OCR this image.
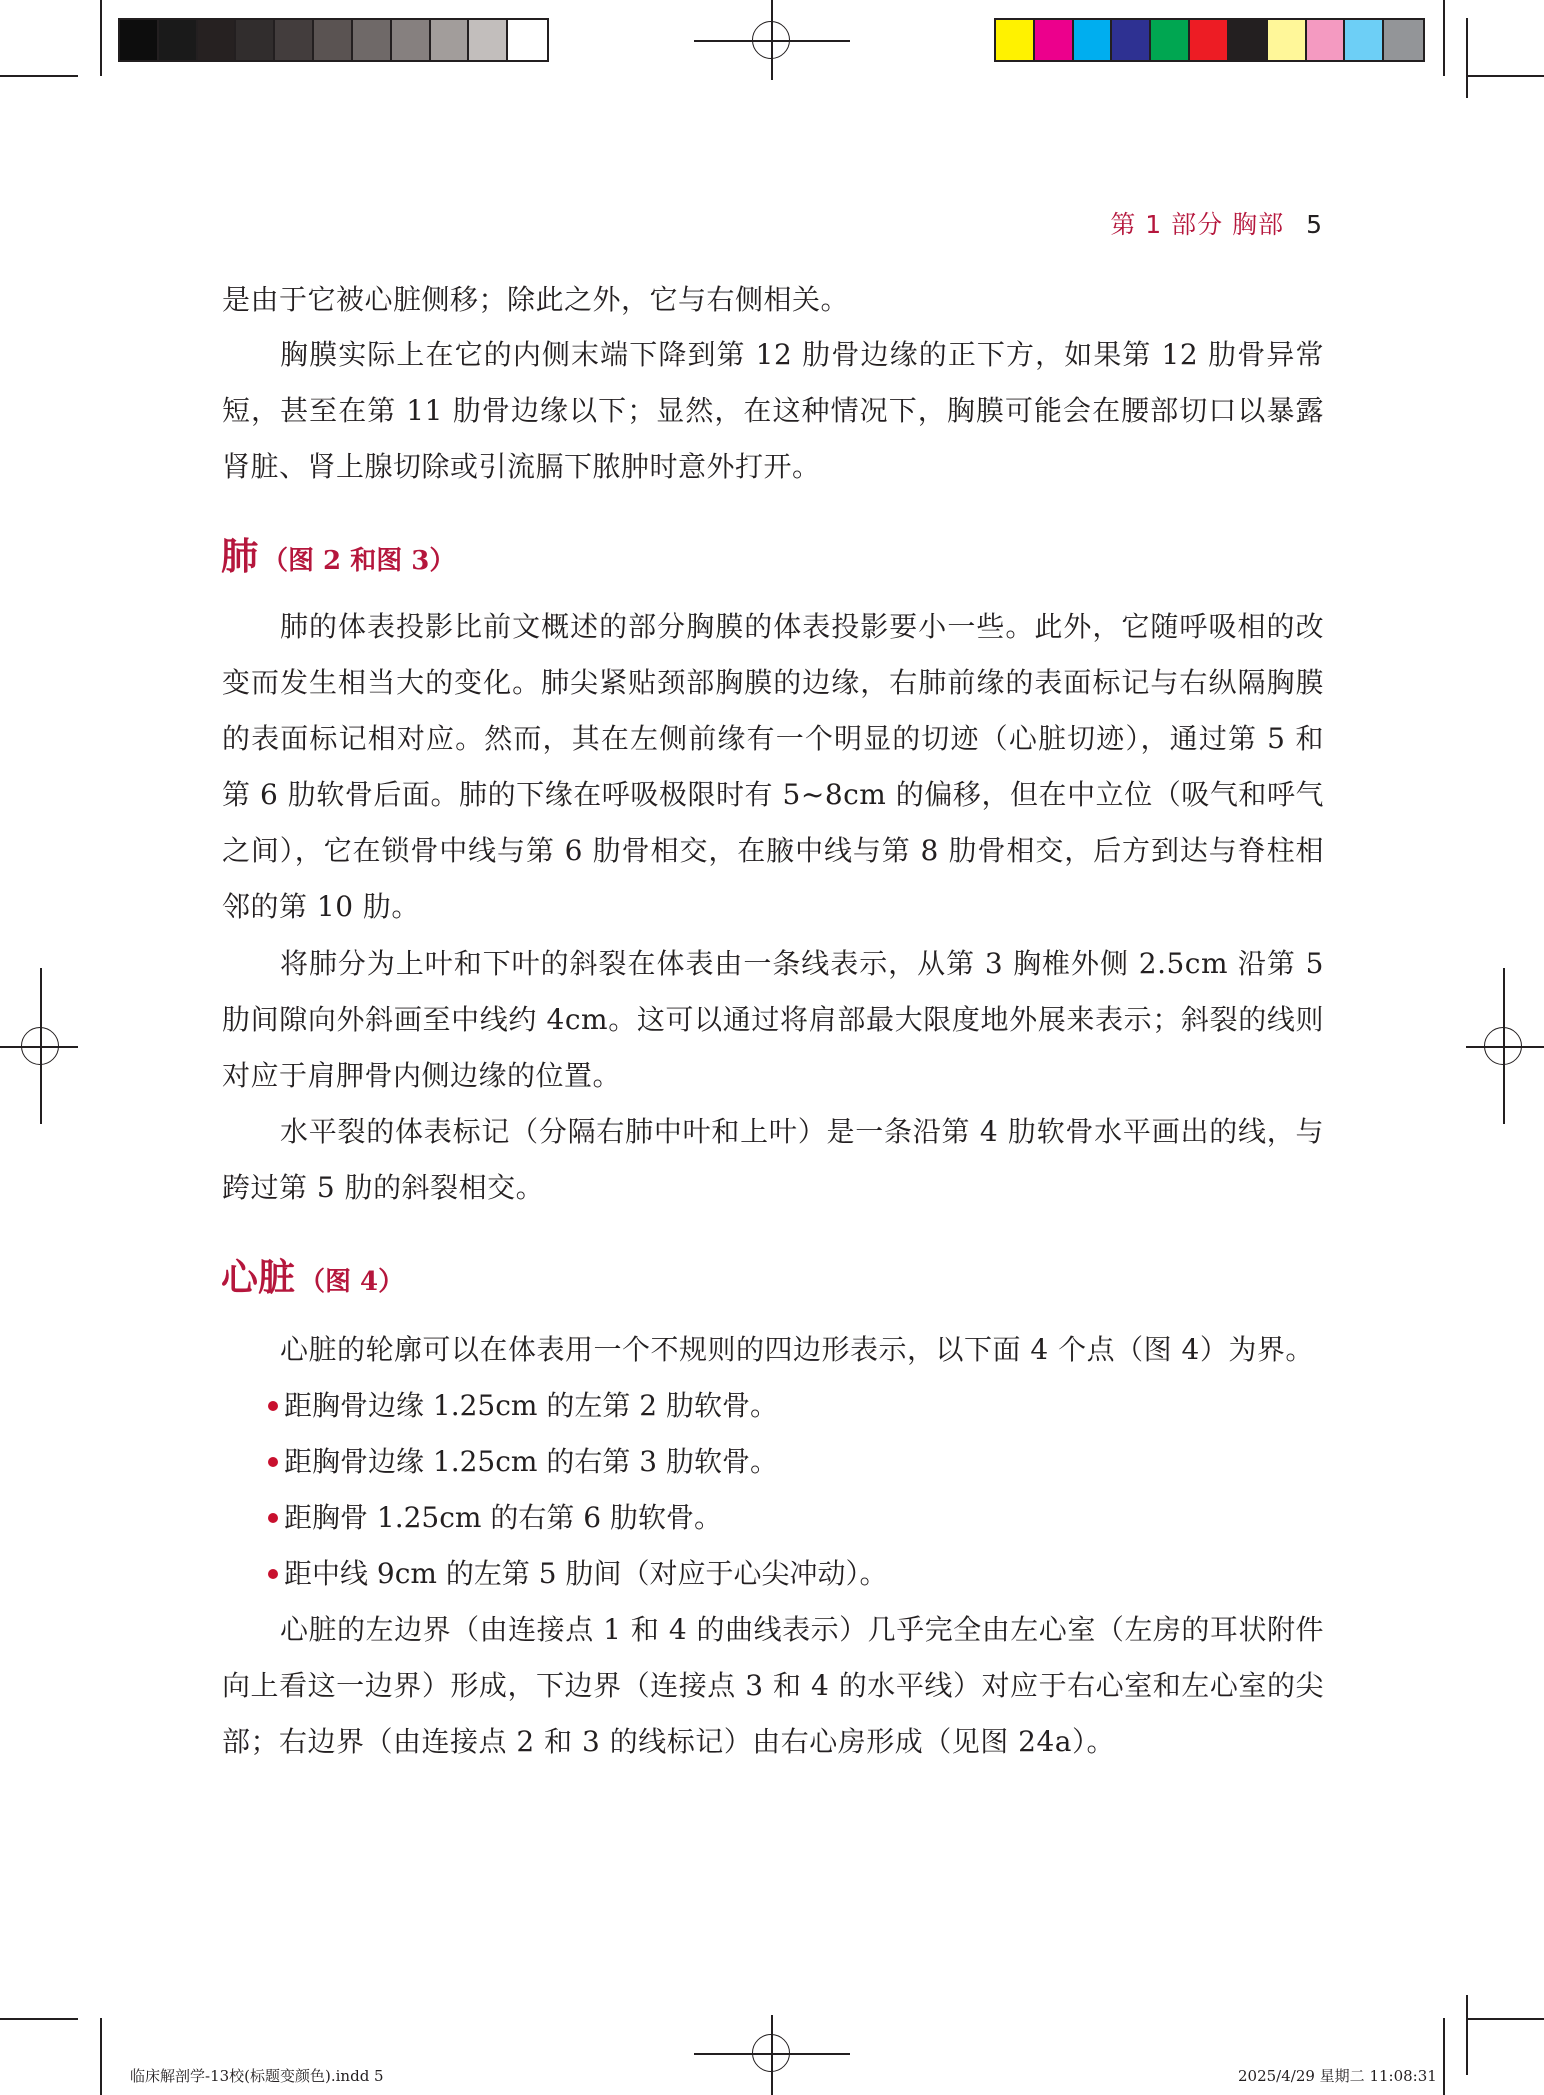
第 1 部分 胸部 5

是由于它被心脏侧移；除此之外，它与右侧相关。

胸膜实际上在它的内侧末端下降到第 12 肋骨边缘的正下方，如果第 12 肋骨异常短，甚至在第 11 肋骨边缘以下；显然，在这种情况下，胸膜可能会在腰部切口以暴露肾脏、肾上腺切除或引流膈下脓肿时意外打开。

肺 （图 2 和图 3）

肺的体表投影比前文概述的部分胸膜的体表投影要小一些。此外，它随呼吸相的改变而发生相当大的变化。肺尖紧贴颈部胸膜的边缘，右肺前缘的表面标记与右纵隔胸膜的表面标记相对应。然而，其在左侧前缘有一个明显的切迹（心脏切迹），通过第 5 和第 6 肋软骨后面。肺的下缘在呼吸极限时有 5~8cm 的偏移，但在中立位（吸气和呼气之间），它在锁骨中线与第 6 肋骨相交，在腋中线与第 8 肋骨相交，后方到达与脊柱相邻的第 10 肋。

将肺分为上叶和下叶的斜裂在体表由一条线表示，从第 3 胸椎外侧 2.5cm 沿第 5 肋间隙向外斜画至中线约 4cm。这可以通过将肩部最大限度地外展来表示；斜裂的线则对应于肩胛骨内侧边缘的位置。

水平裂的体表标记（分隔右肺中叶和上叶）是一条沿第 4 肋软骨水平画出的线，与跨过第 5 肋的斜裂相交。

心脏 （图 4）

心脏的轮廓可以在体表用一个不规则的四边形表示，以下面 4 个点（图 4）为界。

距胸骨边缘 1.25cm 的左第 2 肋软骨。

距胸骨边缘 1.25cm 的右第 3 肋软骨。

距胸骨 1.25cm 的右第 6 肋软骨。

距中线 9cm 的左第 5 肋间（对应于心尖冲动）。

心脏的左边界（由连接点 1 和 4 的曲线表示）几乎完全由左心室（左房的耳状附件向上看这一边界）形成，下边界（连接点 3 和 4 的水平线）对应于右心室和左心室的尖部；右边界（由连接点 2 和 3 的线标记）由右心房形成（见图 24a）。

临床解剖学-13校(标题变颜色).indd 5	2025/4/29 星期二 11:08:31
